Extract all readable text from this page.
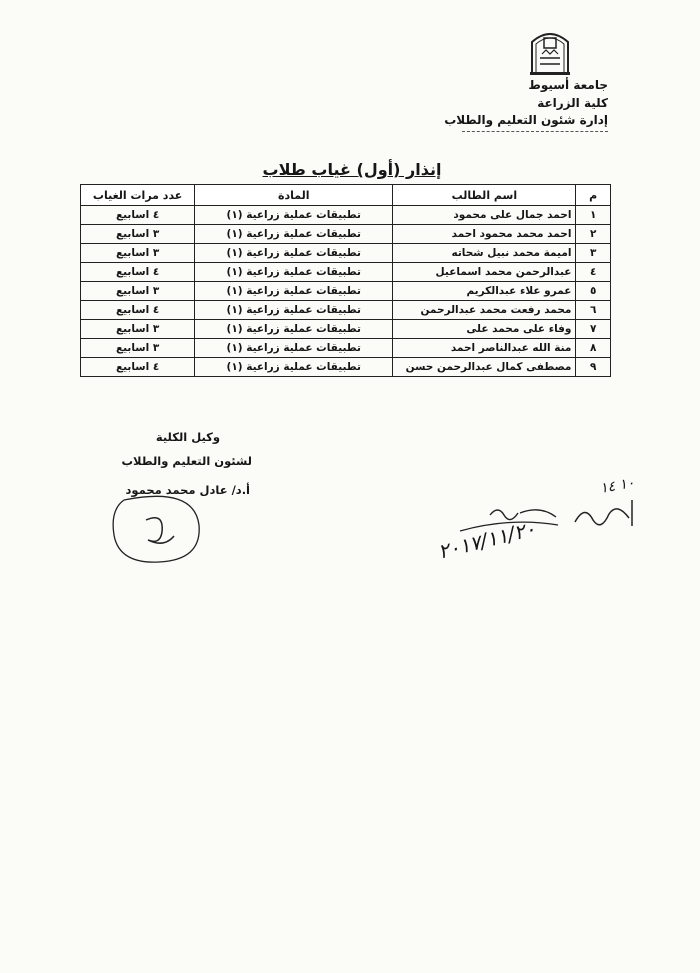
جامعة أسيوط
كلية الزراعة
إدارة شئون التعليم والطلاب
إنذار (أول) غياب طلاب
م	اسم الطالب	المادة	عدد مرات الغياب
١	احمد جمال على محمود	تطبيقات عملية زراعية (١)	٤ اسابيع
٢	احمد محمد محمود احمد	تطبيقات عملية زراعية (١)	٣ اسابيع
٣	اميمة محمد نبيل شحاته	تطبيقات عملية زراعية (١)	٣ اسابيع
٤	عبدالرحمن محمد اسماعيل	تطبيقات عملية زراعية (١)	٤ اسابيع
٥	عمرو علاء عبدالكريم	تطبيقات عملية زراعية (١)	٣ اسابيع
٦	محمد رفعت محمد عبدالرحمن	تطبيقات عملية زراعية (١)	٤ اسابيع
٧	وفاء على محمد على	تطبيقات عملية زراعية (١)	٣ اسابيع
٨	منة الله عبدالناصر احمد	تطبيقات عملية زراعية (١)	٣ اسابيع
٩	مصطفى كمال عبدالرحمن حسن	تطبيقات عملية زراعية (١)	٤ اسابيع
وكيل الكلية
لشئون التعليم والطلاب
أ.د/ عادل محمد محمود
٢٠١٧/١١/٢٠
١٠ ١٤
